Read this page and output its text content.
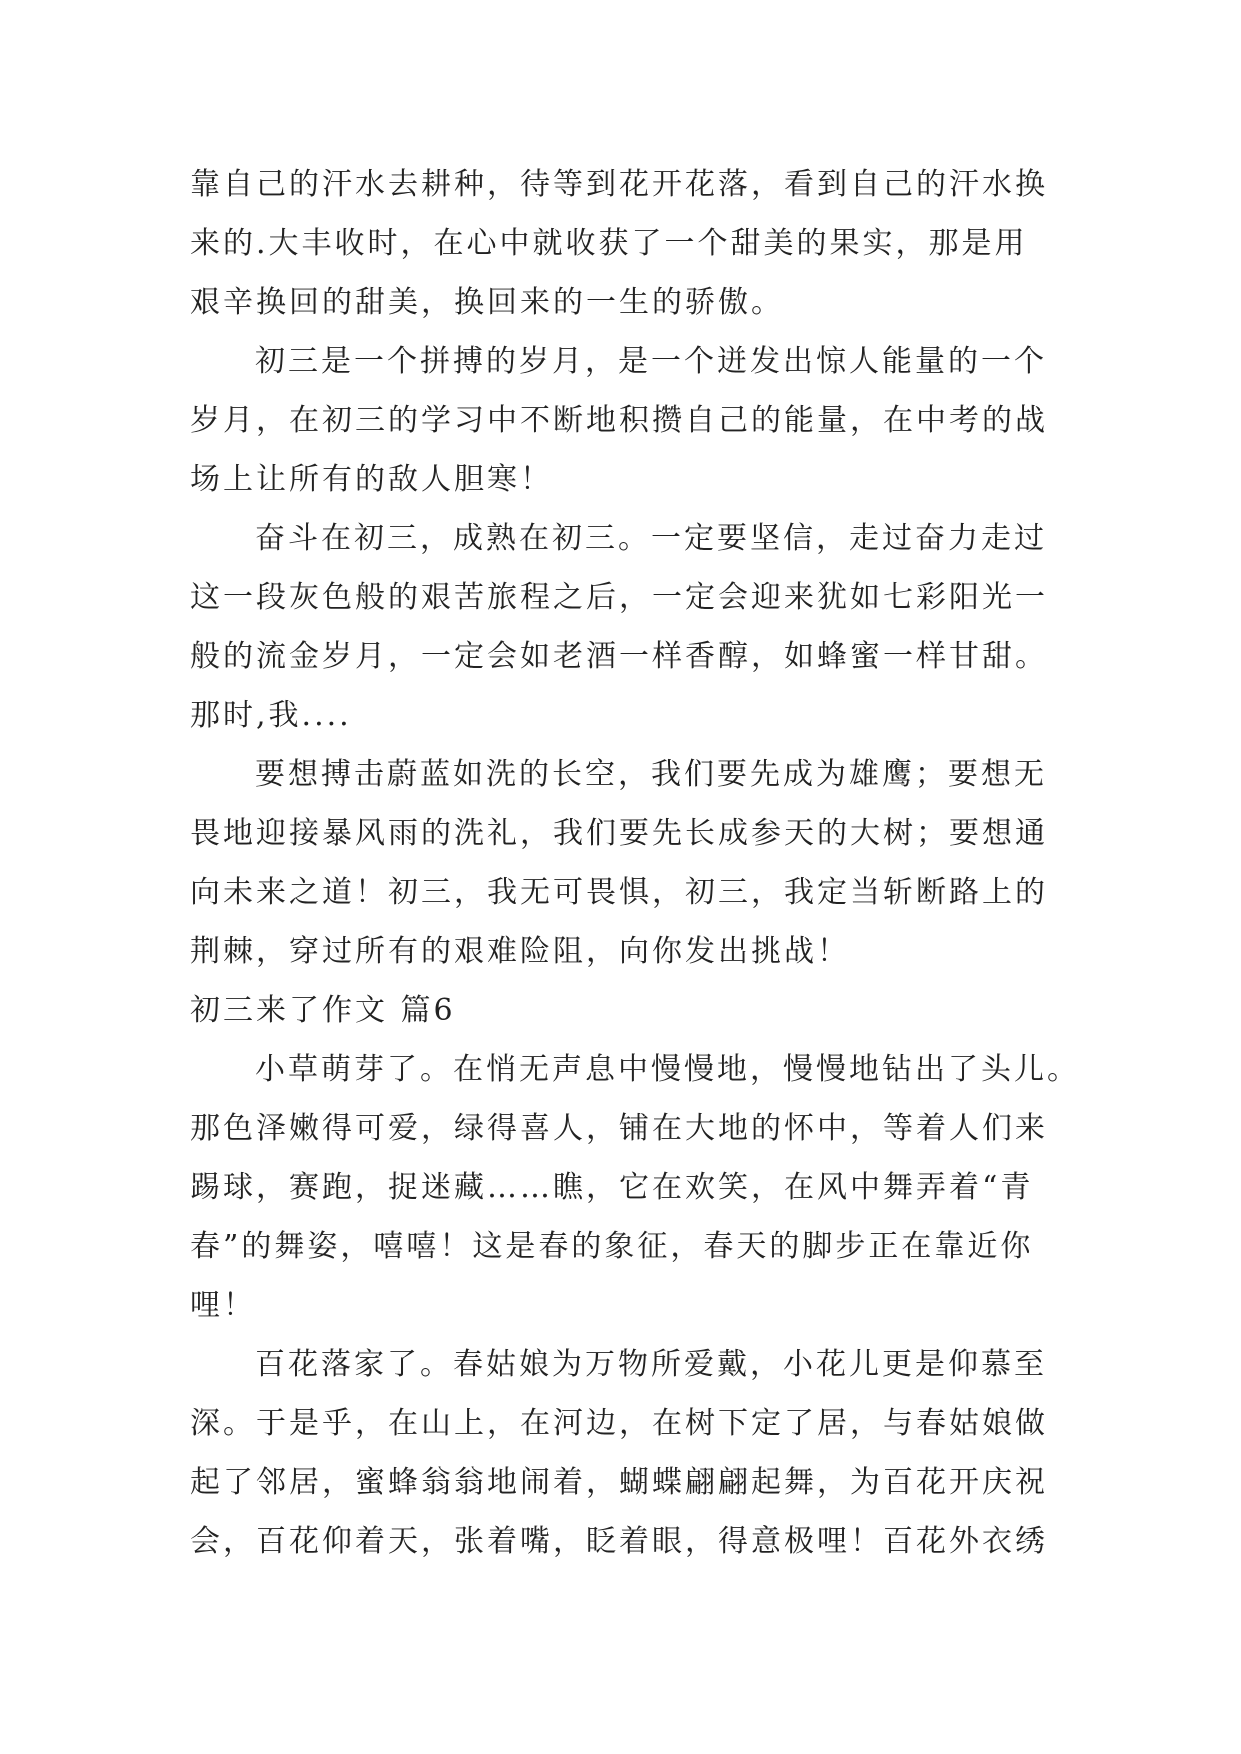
靠自己的汗水去耕种，待等到花开花落，看到自己的汗水换
来的.大丰收时，在心中就收获了一个甜美的果实，那是用
艰辛换回的甜美，换回来的一生的骄傲。
初三是一个拼搏的岁月，是一个迸发出惊人能量的一个
岁月，在初三的学习中不断地积攒自己的能量，在中考的战
场上让所有的敌人胆寒！
奋斗在初三，成熟在初三。一定要坚信，走过奋力走过
这一段灰色般的艰苦旅程之后，一定会迎来犹如七彩阳光一
般的流金岁月，一定会如老酒一样香醇，如蜂蜜一样甘甜。
那时,我....
要想搏击蔚蓝如洗的长空，我们要先成为雄鹰；要想无
畏地迎接暴风雨的洗礼，我们要先长成参天的大树；要想通
向未来之道！初三，我无可畏惧，初三，我定当斩断路上的
荆棘，穿过所有的艰难险阻，向你发出挑战！
初三来了作文 篇6
小草萌芽了。在悄无声息中慢慢地，慢慢地钻出了头儿。
那色泽嫩得可爱，绿得喜人，铺在大地的怀中，等着人们来
踢球，赛跑，捉迷藏……瞧，它在欢笑，在风中舞弄着“青
春”的舞姿，嘻嘻！这是春的象征，春天的脚步正在靠近你
哩！
百花落家了。春姑娘为万物所爱戴，小花儿更是仰慕至
深。于是乎，在山上，在河边，在树下定了居，与春姑娘做
起了邻居，蜜蜂翁翁地闹着，蝴蝶翩翩起舞，为百花开庆祝
会，百花仰着天，张着嘴，眨着眼，得意极哩！百花外衣绣
